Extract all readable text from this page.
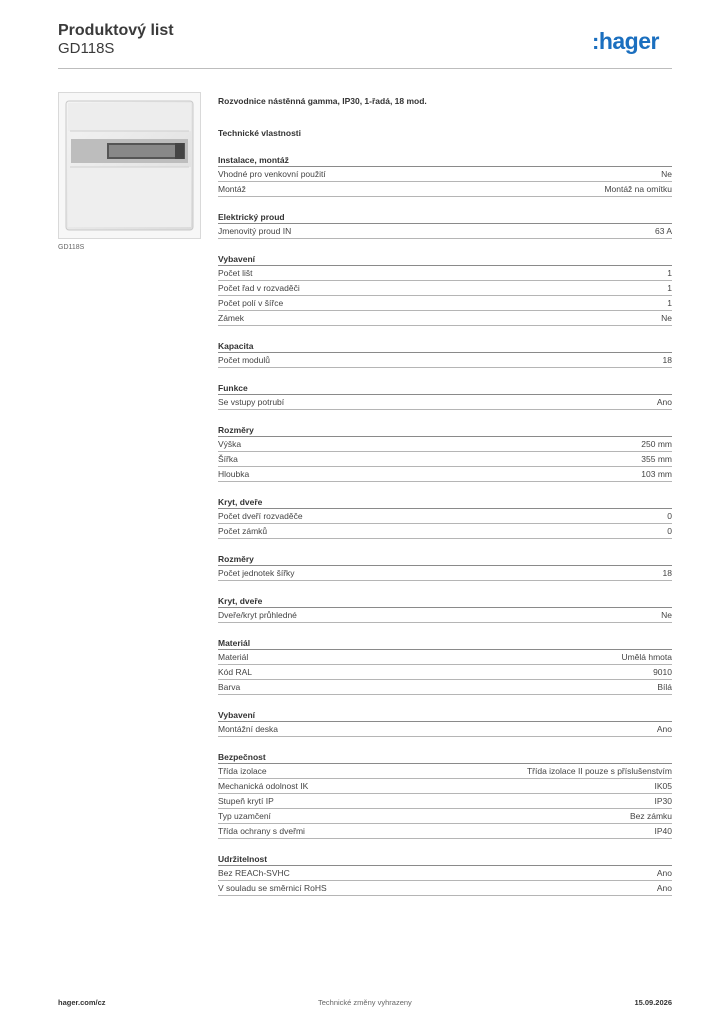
Produktový list
GD118S	:hager
GD118S
Rozvodnice nástěnná gamma, IP30, 1-řadá, 18 mod.
Technické vlastnosti
Instalace, montáž
Vhodné pro venkovní použití	Ne
Montáž	Montáž na omítku
Elektrický proud
Jmenovitý proud IN	63 A
Vybavení
Počet lišt	1
Počet řad v rozvaděči	1
Počet polí v šířce	1
Zámek	Ne
Kapacita
Počet modulů	18
Funkce
Se vstupy potrubí	Ano
Rozměry
Výška	250 mm
Šířka	355 mm
Hloubka	103 mm
Kryt, dveře
Počet dveří rozvaděče	0
Počet zámků	0
Rozměry
Počet jednotek šířky	18
Kryt, dveře
Dveře/kryt průhledné	Ne
Materiál
Materiál	Umělá hmota
Kód RAL	9010
Barva	Bílá
Vybavení
Montážní deska	Ano
Bezpečnost
Třída izolace	Třída izolace II pouze s příslušenstvím
Mechanická odolnost IK	IK05
Stupeň krytí IP	IP30
Typ uzamčení	Bez zámku
Třída ochrany s dveřmi	IP40
Udržitelnost
Bez REACh-SVHC	Ano
V souladu se směrnicí RoHS	Ano
hager.com/cz	Technické změny vyhrazeny	15.09.2026
